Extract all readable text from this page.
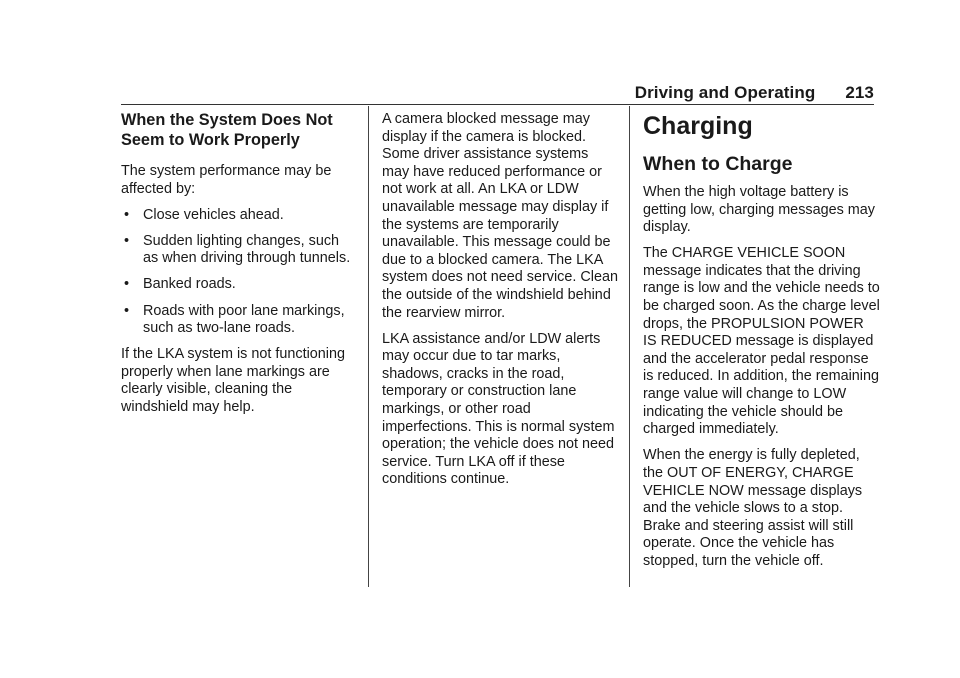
Driving and Operating 213
When the System Does Not Seem to Work Properly

The system performance may be affected by:

• Close vehicles ahead.
• Sudden lighting changes, such as when driving through tunnels.
• Banked roads.
• Roads with poor lane markings, such as two-lane roads.

If the LKA system is not functioning properly when lane markings are clearly visible, cleaning the windshield may help.

A camera blocked message may display if the camera is blocked. Some driver assistance systems may have reduced performance or not work at all. An LKA or LDW unavailable message may display if the systems are temporarily unavailable. This message could be due to a blocked camera. The LKA system does not need service. Clean the outside of the windshield behind the rearview mirror.

LKA assistance and/or LDW alerts may occur due to tar marks, shadows, cracks in the road, temporary or construction lane markings, or other road imperfections. This is normal system operation; the vehicle does not need service. Turn LKA off if these conditions continue.

Charging
When to Charge

When the high voltage battery is getting low, charging messages may display.

The CHARGE VEHICLE SOON message indicates that the driving range is low and the vehicle needs to be charged soon. As the charge level drops, the PROPULSION POWER IS REDUCED message is displayed and the accelerator pedal response is reduced. In addition, the remaining range value will change to LOW indicating the vehicle should be charged immediately.

When the energy is fully depleted, the OUT OF ENERGY, CHARGE VEHICLE NOW message displays and the vehicle slows to a stop. Brake and steering assist will still operate. Once the vehicle has stopped, turn the vehicle off.
